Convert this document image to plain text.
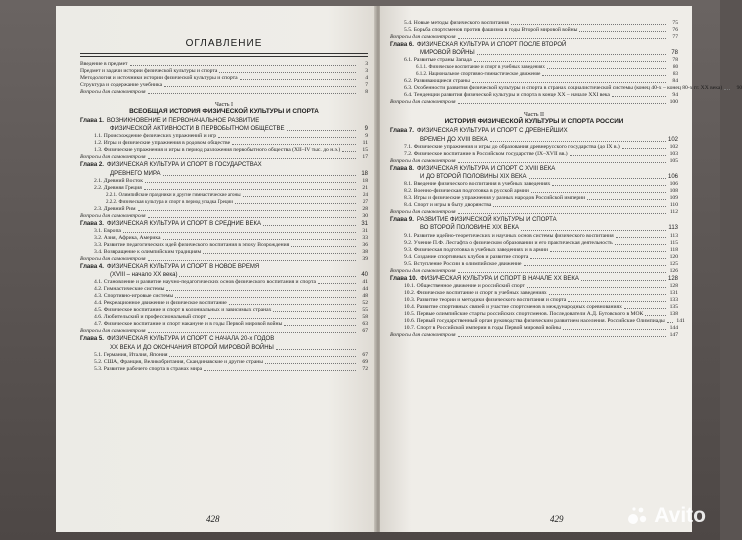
ОГЛАВЛЕНИЕ
Введение в предмет	3
Предмет и задачи истории физической культуры и спорта	3
Методология и источники истории физической культуры и спорта	4
Структура и содержание учебника	7
Вопросы для самоконтроля	8
Часть I
ВСЕОБЩАЯ ИСТОРИЯ ФИЗИЧЕСКОЙ КУЛЬТУРЫ И СПОРТА
Глава 1. ВОЗНИКНОВЕНИЕ И ПЕРВОНАЧАЛЬНОЕ РАЗВИТИЕ
ФИЗИЧЕСКОЙ АКТИВНОСТИ В ПЕРВОБЫТНОМ ОБЩЕСТВЕ	9
1.1. Происхождение физических упражнений и игр	9
1.2. Игры и физические упражнения в родовом обществе	11
1.3. Физические упражнения и игры в период разложения первобытного общества (XII–IV тыс. до н.э.)	15
Вопросы для самоконтроля	17
Глава 2. ФИЗИЧЕСКАЯ КУЛЬТУРА И СПОРТ В ГОСУДАРСТВАХ
ДРЕВНЕГО МИРА	18
2.1. Древний Восток	18
2.2. Древняя Греция	21
2.2.1. Олимпийские праздники и другие гимнастические агоны	24
2.2.2. Физическая культура и спорт в период упадка Греции	27
2.3. Древний Рим	28
Вопросы для самоконтроля	30
Глава 3. ФИЗИЧЕСКАЯ КУЛЬТУРА И СПОРТ В СРЕДНИЕ ВЕКА	31
3.1. Европа	31
3.2. Азия, Африка, Америка	33
3.3. Развитие педагогических идей физического воспитания в эпоху Возрождения	36
3.4. Возвращение к олимпийским традициям	38
Вопросы для самоконтроля	39
Глава 4. ФИЗИЧЕСКАЯ КУЛЬТУРА И СПОРТ В НОВОЕ ВРЕМЯ
(XVIII – начало XX века)	40
4.1. Становление и развитие научно-педагогических основ физического воспитания и спорта	41
4.2. Гимнастические системы	44
4.3. Спортивно-игровые системы	48
4.4. Рекреационное движение и физическое воспитание	52
4.5. Физическое воспитание и спорт в колониальных и зависимых странах	55
4.6. Любительский и профессиональный спорт	58
4.7. Физическое воспитание и спорт накануне и в годы Первой мировой войны	63
Вопросы для самоконтроля	67
Глава 5. ФИЗИЧЕСКАЯ КУЛЬТУРА И СПОРТ С НАЧАЛА 20-х ГОДОВ
XX ВЕКА И ДО ОКОНЧАНИЯ ВТОРОЙ МИРОВОЙ ВОЙНЫ
5.1. Германия, Италия, Япония	67
5.2. США, Франция, Великобритания, Скандинавские и другие страны	69
5.3. Развитие рабочего спорта в странах мира	72
428
5.4. Новые методы физического воспитания	75
5.5. Борьба спортсменов против фашизма в годы Второй мировой войны	76
Вопросы для самоконтроля	77
Глава 6. ФИЗИЧЕСКАЯ КУЛЬТУРА И СПОРТ ПОСЛЕ ВТОРОЙ
МИРОВОЙ ВОЙНЫ	78
6.1. Развитые страны Запада	78
6.1.1. Физическое воспитание и спорт в учебных заведениях	80
6.1.2. Национальное спортивно-гимнастическое движение	83
6.2. Развивающиеся страны	84
6.3. Особенности развития физической культуры и спорта в странах социалистической системы (конец 40-х – конец 80-х гг. XX века)	90
6.4. Тенденции развития физической культуры и спорта в конце XX – начале XXI века	94
Вопросы для самоконтроля	100
Часть II
ИСТОРИЯ ФИЗИЧЕСКОЙ КУЛЬТУРЫ И СПОРТА РОССИИ
Глава 7. ФИЗИЧЕСКАЯ КУЛЬТУРА И СПОРТ С ДРЕВНЕЙШИХ
ВРЕМЕН ДО XVIII ВЕКА	102
7.1. Физические упражнения и игры до образования древнерусского государства (до IX в.)	102
7.2. Физическое воспитание в Российском государстве (IX–XVII вв.)	103
Вопросы для самоконтроля	105
Глава 8. ФИЗИЧЕСКАЯ КУЛЬТУРА И СПОРТ С XVIII ВЕКА
И ДО ВТОРОЙ ПОЛОВИНЫ XIX ВЕКА	106
8.1. Введение физического воспитания в учебных заведениях	106
8.2. Военно-физическая подготовка в русской армии	108
8.3. Игры и физические упражнения у разных народов Российской империи	109
8.4. Спорт и игры в быту дворянства	110
Вопросы для самоконтроля	112
Глава 9. РАЗВИТИЕ ФИЗИЧЕСКОЙ КУЛЬТУРЫ И СПОРТА
ВО ВТОРОЙ ПОЛОВИНЕ XIX ВЕКА	113
9.1. Развитие идейно-теоретических и научных основ системы физического воспитания	113
9.2. Учение П.Ф. Лесгафта о физическом образовании и его практическая деятельность	115
9.3. Физическая подготовка в учебных заведениях и в армии	118
9.4. Создание спортивных клубов и развитие спорта	120
9.5. Вступление России в олимпийское движение	125
Вопросы для самоконтроля	126
Глава 10. ФИЗИЧЕСКАЯ КУЛЬТУРА И СПОРТ В НАЧАЛЕ XX ВЕКА	128
10.1. Общественное движение и российский спорт	128
10.2. Физическое воспитание и спорт в учебных заведениях	131
10.3. Развитие теории и методики физического воспитания и спорта	133
10.4. Развитие спортивных связей и участие спортсменов в международных соревнованиях	135
10.5. Первые олимпийские старты российских спортсменов. Последователи А.Д. Бутовского в МОК	138
10.6. Первый государственный орган руководства физическим развитием населения. Российские Олимпиады 141
10.7. Спорт в Российской империи в годы Первой мировой войны	144
Вопросы для самоконтроля	147
429	Avito
